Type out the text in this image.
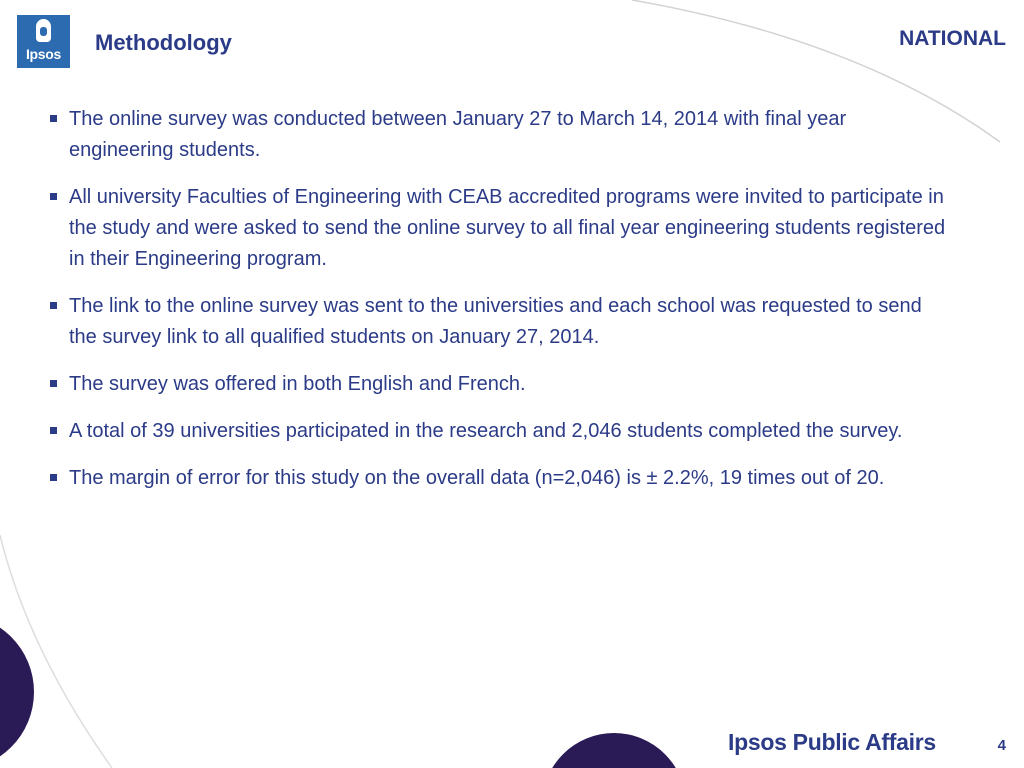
Ipsos	Methodology	NATIONAL
The online survey was conducted between January 27 to March 14, 2014 with final year engineering students.
All university Faculties of Engineering with CEAB accredited programs were invited to participate in the study and were asked to send the online survey to all final year engineering students registered in their Engineering program.
The link to the online survey was sent to the universities and each school was requested to send the survey link to all qualified students on January 27, 2014.
The survey was offered in both English and French.
A total of 39 universities participated in the research and 2,046 students completed the survey.
The margin of error for this study on the overall data (n=2,046) is ± 2.2%, 19 times out of 20.
Ipsos Public Affairs	4
